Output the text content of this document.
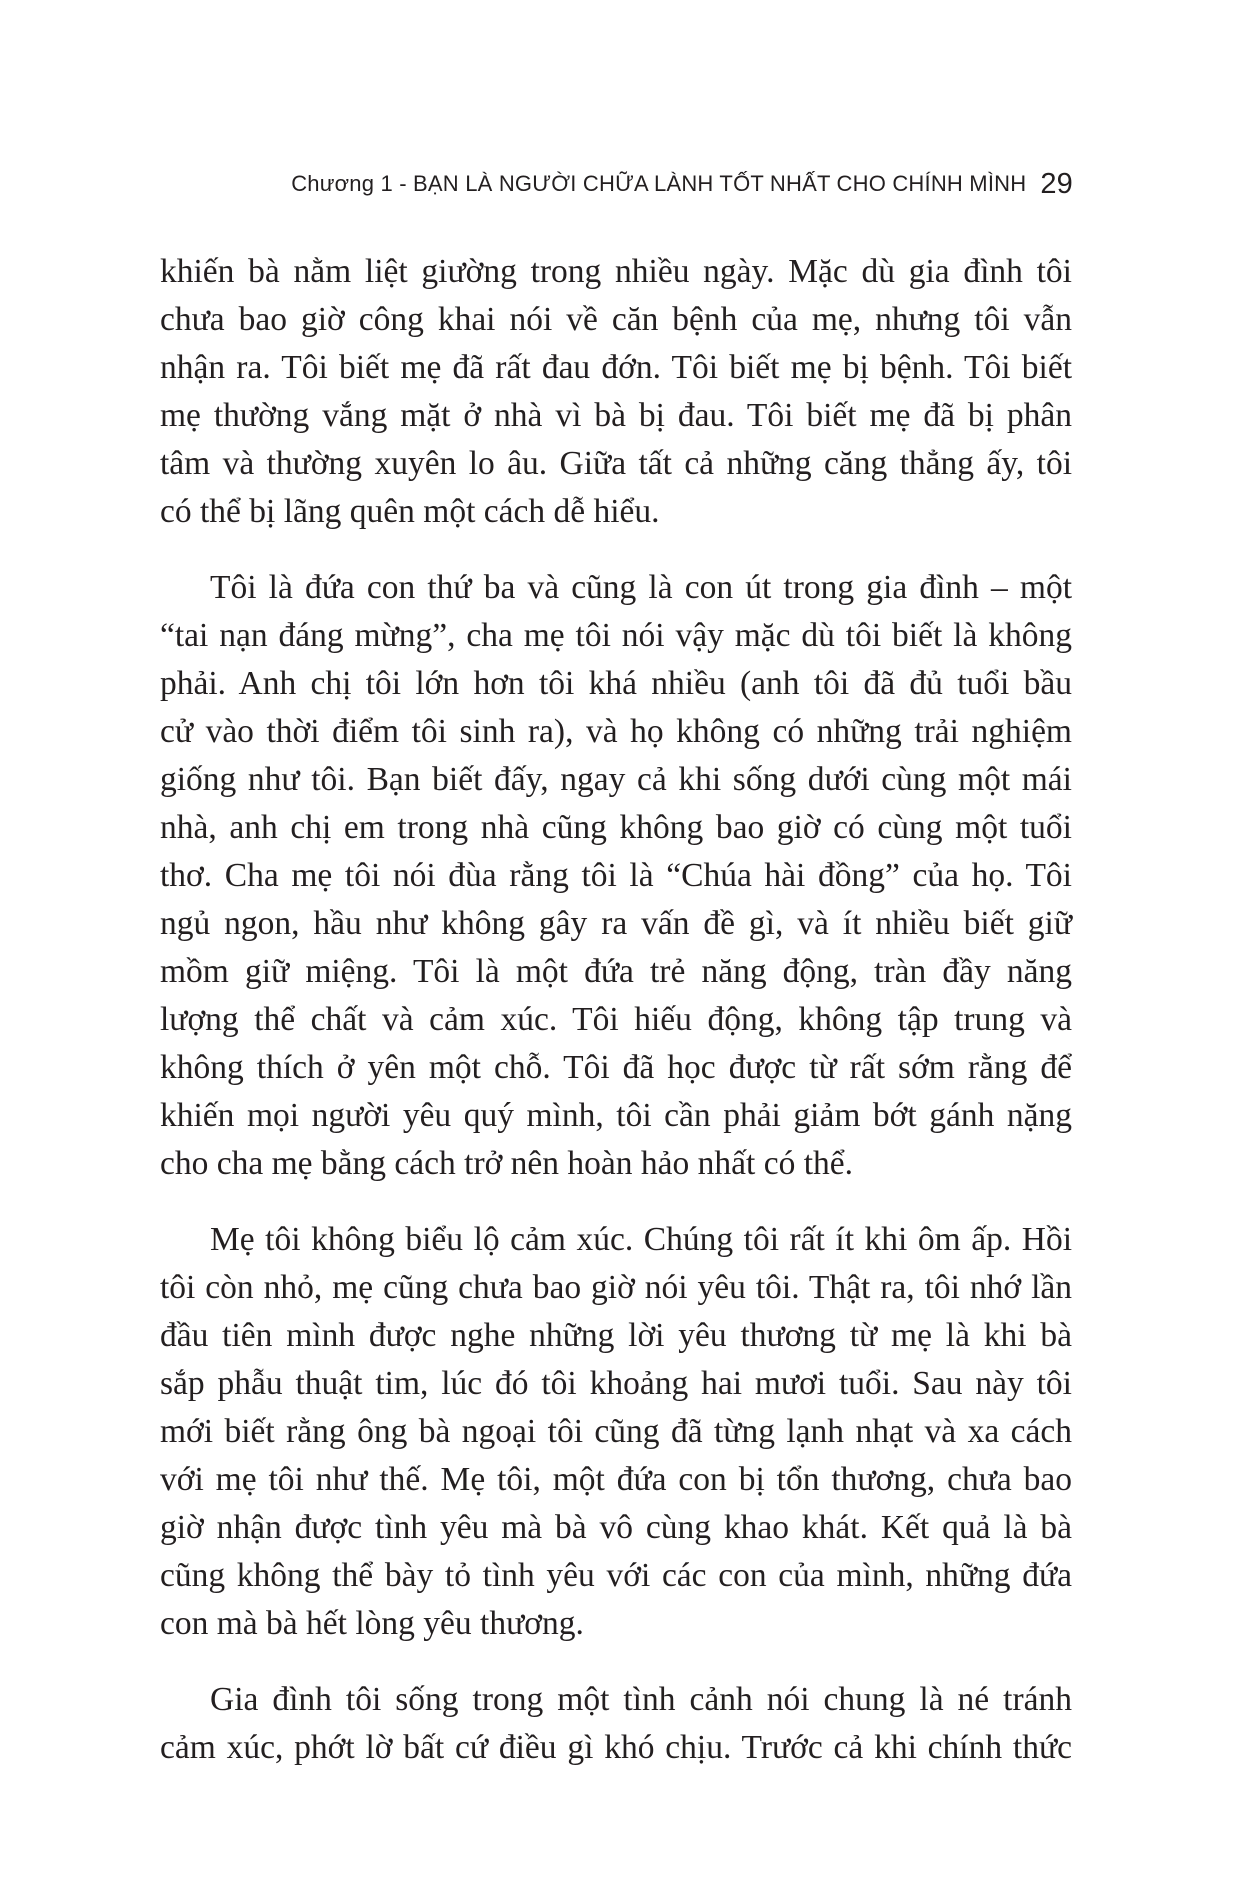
Chương 1 - BẠN LÀ NGƯỜI CHỮA LÀNH TỐT NHẤT CHO CHÍNH MÌNH 29
khiến bà nằm liệt giường trong nhiều ngày. Mặc dù gia đình tôi
chưa bao giờ công khai nói về căn bệnh của mẹ, nhưng tôi vẫn
nhận ra. Tôi biết mẹ đã rất đau đớn. Tôi biết mẹ bị bệnh. Tôi biết
mẹ thường vắng mặt ở nhà vì bà bị đau. Tôi biết mẹ đã bị phân
tâm và thường xuyên lo âu. Giữa tất cả những căng thẳng ấy, tôi
có thể bị lãng quên một cách dễ hiểu.
Tôi là đứa con thứ ba và cũng là con út trong gia đình – một
“tai nạn đáng mừng”, cha mẹ tôi nói vậy mặc dù tôi biết là không
phải. Anh chị tôi lớn hơn tôi khá nhiều (anh tôi đã đủ tuổi bầu
cử vào thời điểm tôi sinh ra), và họ không có những trải nghiệm
giống như tôi. Bạn biết đấy, ngay cả khi sống dưới cùng một mái
nhà, anh chị em trong nhà cũng không bao giờ có cùng một tuổi
thơ. Cha mẹ tôi nói đùa rằng tôi là “Chúa hài đồng” của họ. Tôi
ngủ ngon, hầu như không gây ra vấn đề gì, và ít nhiều biết giữ
mồm giữ miệng. Tôi là một đứa trẻ năng động, tràn đầy năng
lượng thể chất và cảm xúc. Tôi hiếu động, không tập trung và
không thích ở yên một chỗ. Tôi đã học được từ rất sớm rằng để
khiến mọi người yêu quý mình, tôi cần phải giảm bớt gánh nặng
cho cha mẹ bằng cách trở nên hoàn hảo nhất có thể.
Mẹ tôi không biểu lộ cảm xúc. Chúng tôi rất ít khi ôm ấp. Hồi
tôi còn nhỏ, mẹ cũng chưa bao giờ nói yêu tôi. Thật ra, tôi nhớ lần
đầu tiên mình được nghe những lời yêu thương từ mẹ là khi bà
sắp phẫu thuật tim, lúc đó tôi khoảng hai mươi tuổi. Sau này tôi
mới biết rằng ông bà ngoại tôi cũng đã từng lạnh nhạt và xa cách
với mẹ tôi như thế. Mẹ tôi, một đứa con bị tổn thương, chưa bao
giờ nhận được tình yêu mà bà vô cùng khao khát. Kết quả là bà
cũng không thể bày tỏ tình yêu với các con của mình, những đứa
con mà bà hết lòng yêu thương.
Gia đình tôi sống trong một tình cảnh nói chung là né tránh
cảm xúc, phớt lờ bất cứ điều gì khó chịu. Trước cả khi chính thức
